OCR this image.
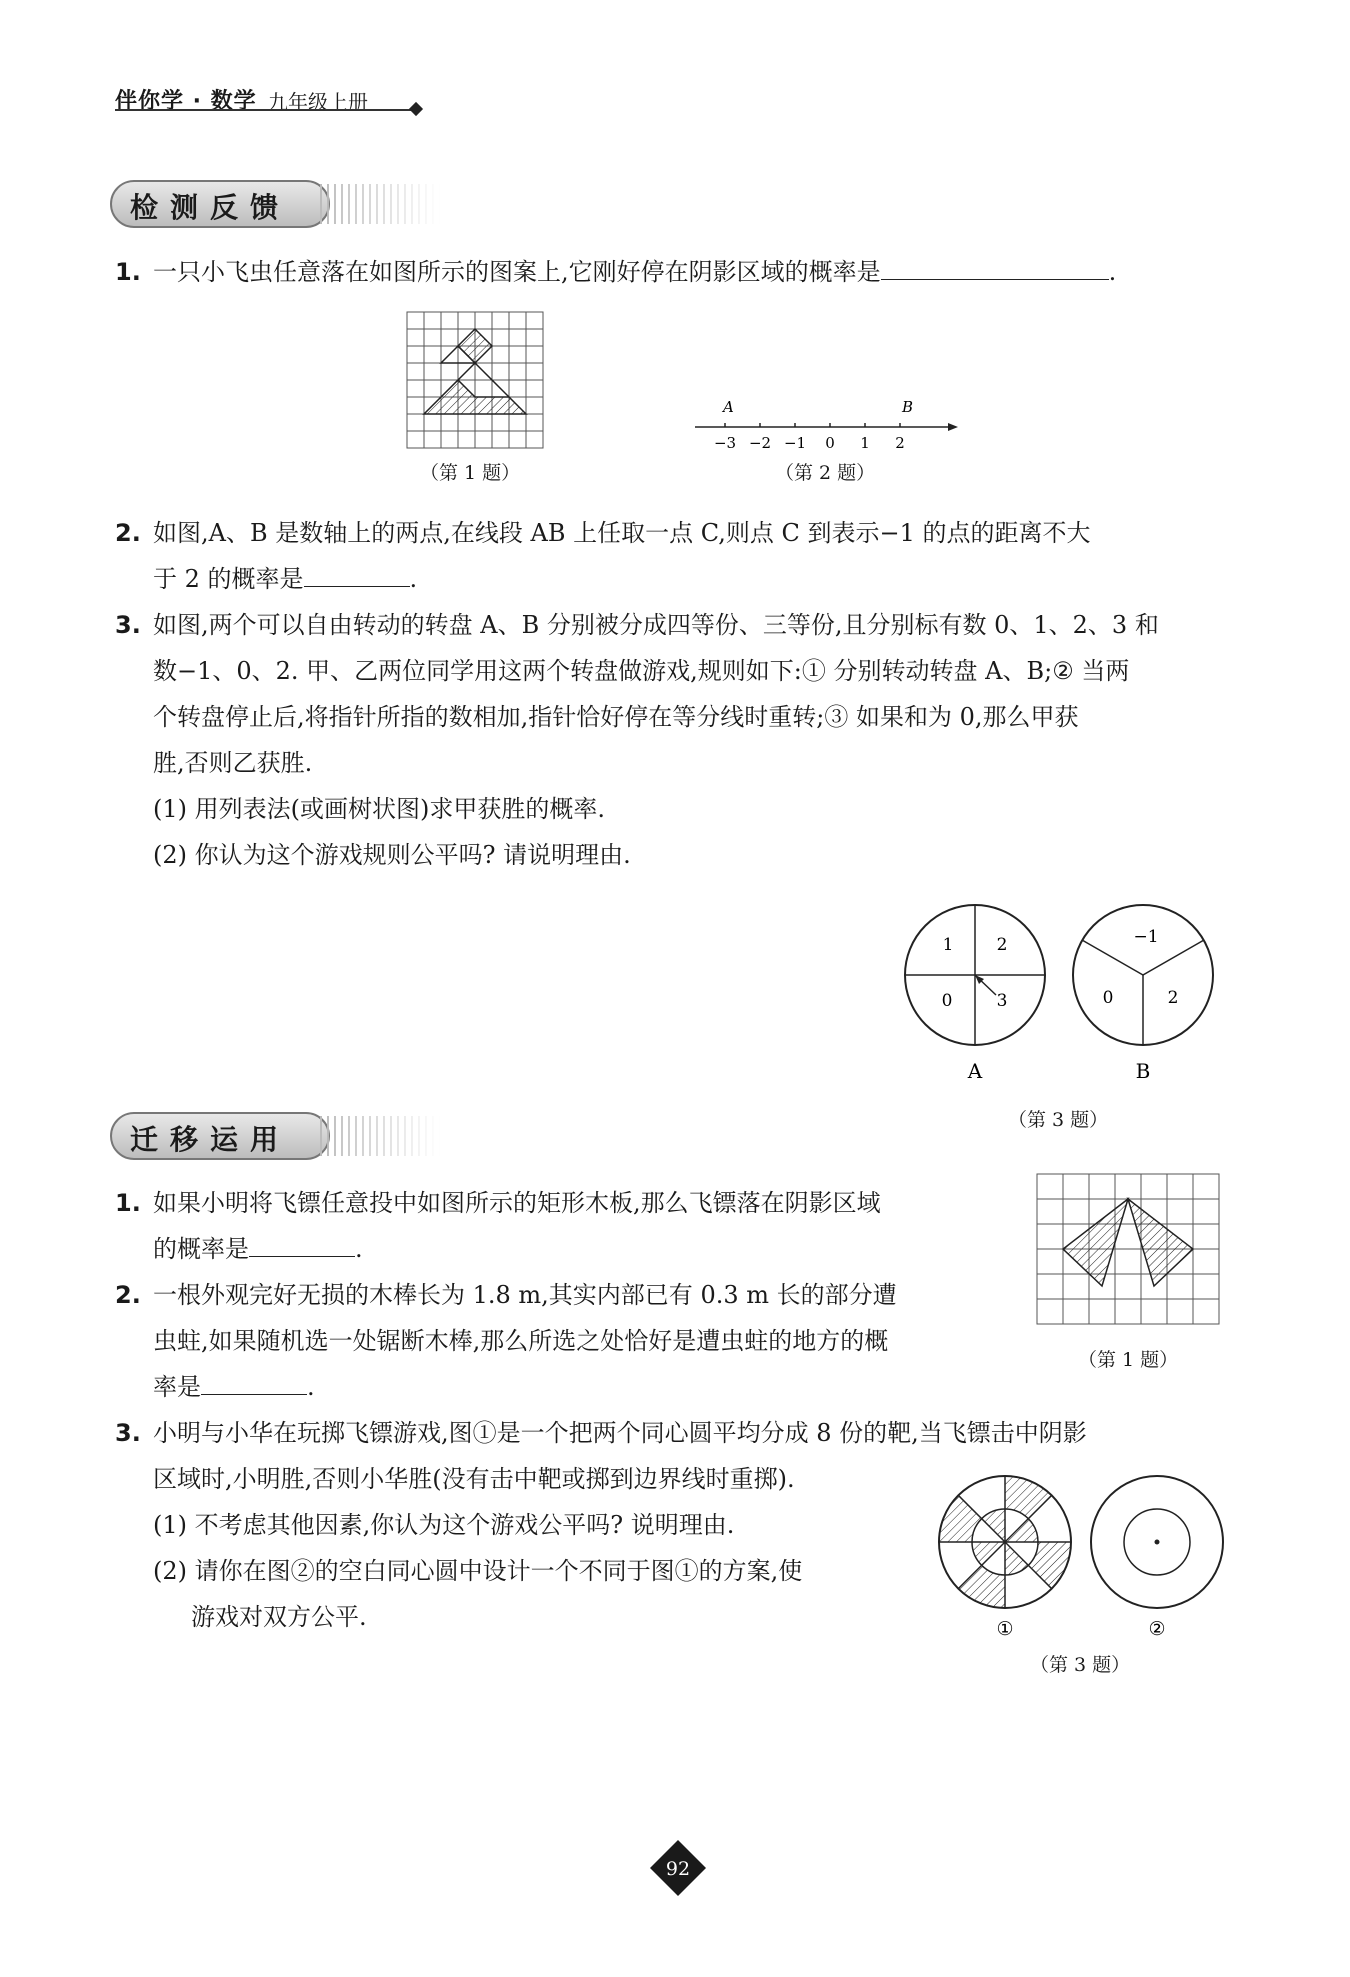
伴你学 · 数学 九年级上册
检测反馈
1. 一只小飞虫任意落在如图所示的图案上,它刚好停在阴影区域的概率是	.
（第 1 题）
A	B
−3 −2 −1 0 1 2
（第 2 题）
2. 如图,A、B 是数轴上的两点,在线段 AB 上任取一点 C,则点 C 到表示−1 的点的距离不大
于 2 的概率是	.
3. 如图,两个可以自由转动的转盘 A、B 分别被分成四等份、三等份,且分别标有数 0、1、2、3 和
数−1、0、2. 甲、乙两位同学用这两个转盘做游戏,规则如下:① 分别转动转盘 A、B;② 当两
个转盘停止后,将指针所指的数相加,指针恰好停在等分线时重转;③ 如果和为 0,那么甲获
胜,否则乙获胜.
(1) 用列表法(或画树状图)求甲获胜的概率.
(2) 你认为这个游戏规则公平吗? 请说明理由.
1	2
0	3
A
−1
0	2
B
（第 3 题）
迁移运用
1. 如果小明将飞镖任意投中如图所示的矩形木板,那么飞镖落在阴影区域
的概率是	.
（第 1 题）
2. 一根外观完好无损的木棒长为 1.8 m,其实内部已有 0.3 m 长的部分遭
虫蛀,如果随机选一处锯断木棒,那么所选之处恰好是遭虫蛀的地方的概
率是	.
3. 小明与小华在玩掷飞镖游戏,图①是一个把两个同心圆平均分成 8 份的靶,当飞镖击中阴影
区域时,小明胜,否则小华胜(没有击中靶或掷到边界线时重掷).
(1) 不考虑其他因素,你认为这个游戏公平吗? 说明理由.
(2) 请你在图②的空白同心圆中设计一个不同于图①的方案,使
游戏对双方公平.	①	②
（第 3 题）
92
